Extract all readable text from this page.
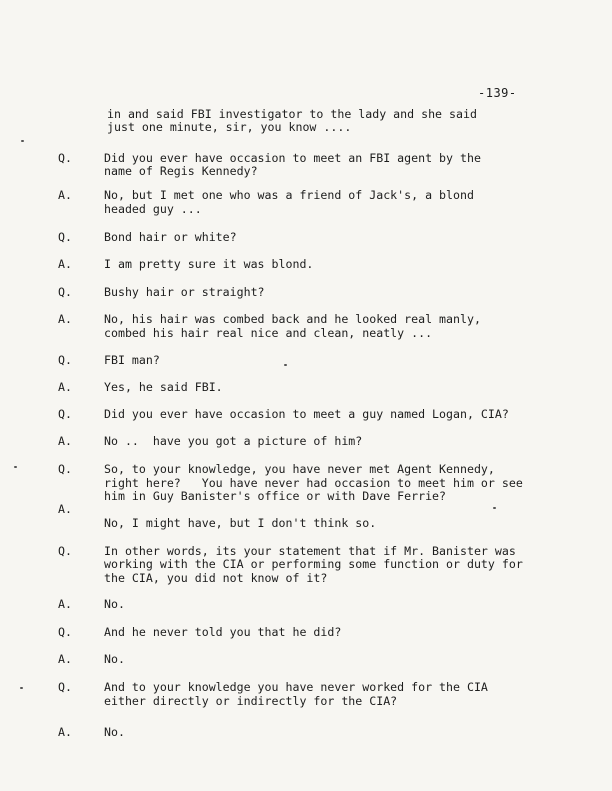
-139-
Q.
A.
Q.
A.
Q.
A.
Q.
A.
Q.
A.
Q.
A.
Q.
A.
Q.
A.
Q.
A.
in and said FBI investigator to the lady and she said
just one minute, sir, you know ....
Did you ever have occasion to meet an FBI agent by the
name of Regis Kennedy?
No, but I met one who was a friend of Jack's, a blond
headed guy ...
Bond hair or white?
I am pretty sure it was blond.
Bushy hair or straight?
No, his hair was combed back and he looked real manly,
combed his hair real nice and clean, neatly ...
FBI man?
Yes, he said FBI.
Did you ever have occasion to meet a guy named Logan, CIA?
No ..  have you got a picture of him?
So, to your knowledge, you have never met Agent Kennedy,
right here?   You have never had occasion to meet him or see
him in Guy Banister's office or with Dave Ferrie?
No, I might have, but I don't think so.
In other words, its your statement that if Mr. Banister was
working with the CIA or performing some function or duty for
the CIA, you did not know of it?
No.
And he never told you that he did?
No.
And to your knowledge you have never worked for the CIA
either directly or indirectly for the CIA?
No.
